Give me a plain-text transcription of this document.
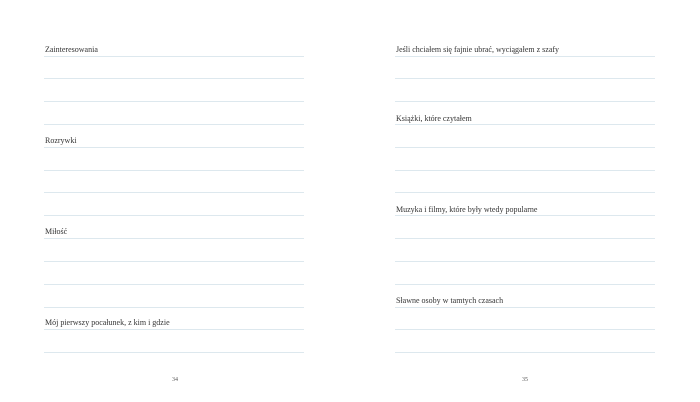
Zainteresowania
Rozrywki
Miłość
Mój pierwszy pocałunek, z kim i gdzie
34
Jeśli chciałem się fajnie ubrać, wyciągałem z szafy
Książki, które czytałem
Muzyka i filmy, które były wtedy popularne
Sławne osoby w tamtych czasach
35
